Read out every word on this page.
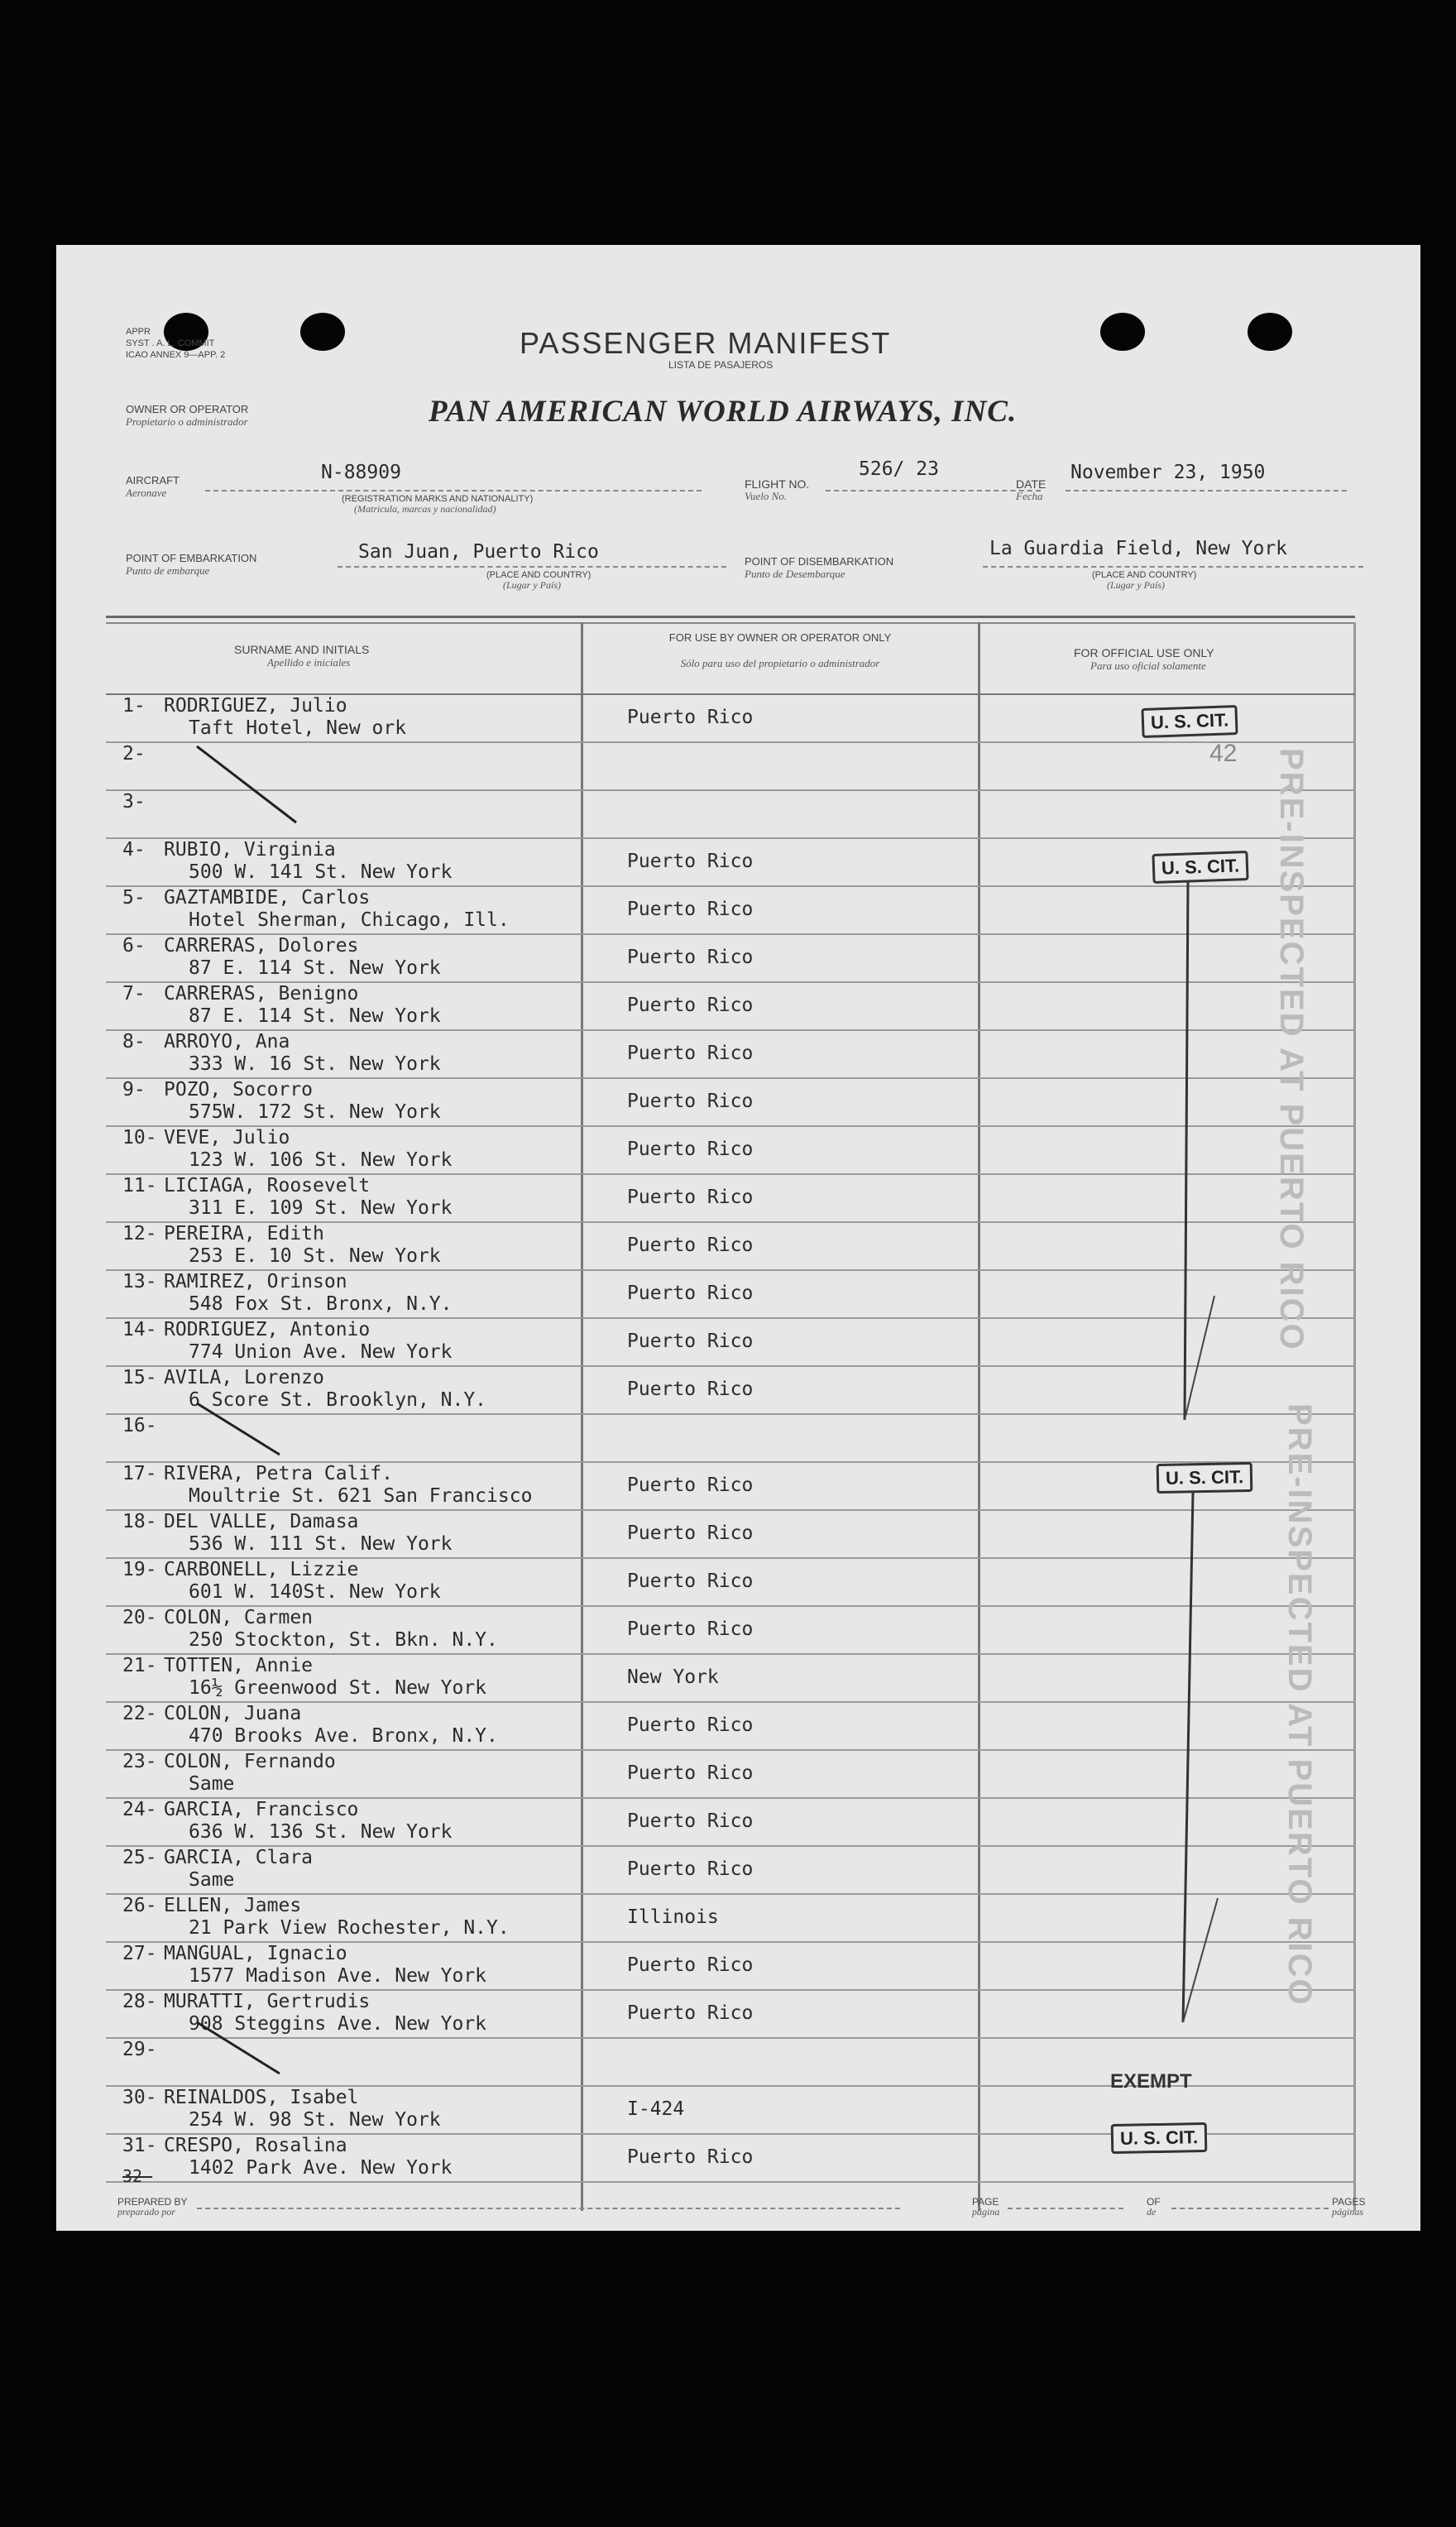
APPR
SYST . A. L. COMMIT
ICAO ANNEX 9—APP. 2	PASSENGER MANIFEST
LISTA DE PASAJEROS
OWNER OR OPERATOR
Propietario o administrador	PAN AMERICAN WORLD AIRWAYS, INC.
AIRCRAFT
Aeronave
N-88909
(REGISTRATION MARKS AND NATIONALITY)
(Matricula, marcas y nacionalidad)
FLIGHT NO.
Vuelo No.
526/ 23
DATE
Fecha
November 23, 1950
POINT OF EMBARKATION
Punto de embarque
San Juan, Puerto Rico
(PLACE AND COUNTRY)
(Lugar y País)
POINT OF DISEMBARKATION
Punto de Desembarque
La Guardia Field, New York
(PLACE AND COUNTRY)
(Lugar y País)
SURNAME AND INITIALS
Apellido e iniciales
FOR USE BY OWNER OR OPERATOR ONLY
Sólo para uso del propietario o administrador
FOR OFFICIAL USE ONLY
Para uso oficial solamente
1- RODRIGUEZ, Julio
Taft Hotel, New ork	Puerto Rico
2-
3-
4- RUBIO, Virginia
500 W. 141 St. New York	Puerto Rico
5- GAZTAMBIDE, Carlos
Hotel Sherman, Chicago, Ill.	Puerto Rico
6- CARRERAS, Dolores
87 E. 114 St. New York	Puerto Rico
7- CARRERAS, Benigno
87 E. 114 St. New York	Puerto Rico
8- ARROYO, Ana
333 W. 16 St. New York	Puerto Rico
9- POZO, Socorro
575W. 172 St. New York	Puerto Rico
10- VEVE, Julio
123 W. 106 St. New York	Puerto Rico
11- LICIAGA, Roosevelt
311 E. 109 St. New York	Puerto Rico
12- PEREIRA, Edith
253 E. 10 St. New York	Puerto Rico
13- RAMIREZ, Orinson
548 Fox St. Bronx, N.Y.	Puerto Rico
14- RODRIGUEZ, Antonio
774 Union Ave. New York	Puerto Rico
15- AVILA, Lorenzo
6 Score St. Brooklyn, N.Y.	Puerto Rico
16-
17- RIVERA, Petra Calif.
Moultrie St. 621 San Francisco	Puerto Rico
18- DEL VALLE, Damasa
536 W. 111 St. New York	Puerto Rico
19- CARBONELL, Lizzie
601 W. 140St. New York	Puerto Rico
20- COLON, Carmen
250 Stockton, St. Bkn. N.Y.	Puerto Rico
21- TOTTEN, Annie
16½ Greenwood St. New York	New York
22- COLON, Juana
470 Brooks Ave. Bronx, N.Y.	Puerto Rico
23- COLON, Fernando
Same	Puerto Rico
24- GARCIA, Francisco
636 W. 136 St. New York	Puerto Rico
25- GARCIA, Clara
Same	Puerto Rico
26- ELLEN, James
21 Park View Rochester, N.Y.	Illinois
27- MANGUAL, Ignacio
1577 Madison Ave. New York	Puerto Rico
28- MURATTI, Gertrudis
908 Steggins Ave. New York	Puerto Rico
29-
30- REINALDOS, Isabel
254 W. 98 St. New York	I-424
31- CRESPO, Rosalina
1402 Park Ave. New York	Puerto Rico
U. S. CIT.
42
U. S. CIT.
U. S. CIT.
U. S. CIT.
EXEMPT
PRE-INSPECTED AT PUERTO RICO
PRE-INSPECTED AT PUERTO RICO
32-
PREPARED BY
preparado por
PAGE
página
OF
de
PAGES
páginas
